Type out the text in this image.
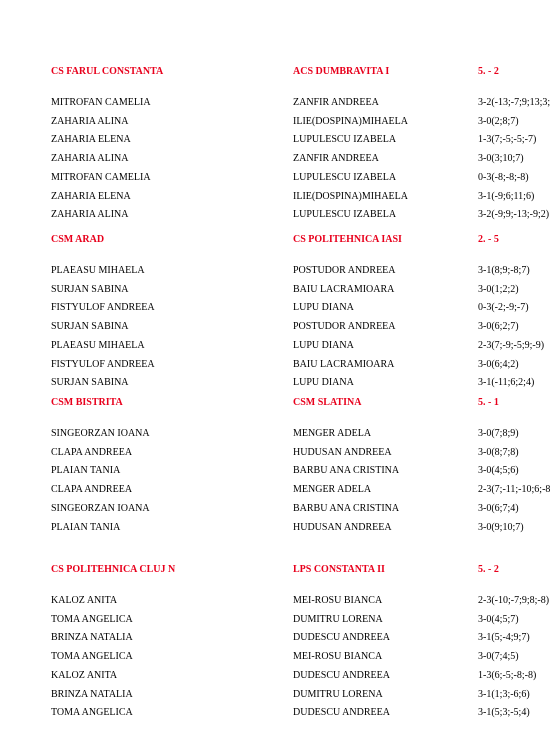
CS FARUL CONSTANTA	ACS DUMBRAVITA I	5. - 2
MITROFAN CAMELIA	ZANFIR ANDREEA	3-2(-13;-7;9;13;3;
ZAHARIA ALINA	ILIE(DOSPINA)MIHAELA	3-0(2;8;7)
ZAHARIA ELENA	LUPULESCU IZABELA	1-3(7;-5;-5;-7)
ZAHARIA ALINA	ZANFIR ANDREEA	3-0(3;10;7)
MITROFAN CAMELIA	LUPULESCU IZABELA	0-3(-8;-8;-8)
ZAHARIA ELENA	ILIE(DOSPINA)MIHAELA	3-1(-9;6;11;6)
ZAHARIA ALINA	LUPULESCU IZABELA	3-2(-9;9;-13;-9;2)
CSM ARAD	CS POLITEHNICA IASI	2. - 5
PLAEASU MIHAELA	POSTUDOR ANDREEA	3-1(8;9;-8;7)
SURJAN SABINA	BAIU LACRAMIOARA	3-0(1;2;2)
FISTYULOF ANDREEA	LUPU DIANA	0-3(-2;-9;-7)
SURJAN SABINA	POSTUDOR ANDREEA	3-0(6;2;7)
PLAEASU MIHAELA	LUPU DIANA	2-3(7;-9;-5;9;-9)
FISTYULOF ANDREEA	BAIU LACRAMIOARA	3-0(6;4;2)
SURJAN SABINA	LUPU DIANA	3-1(-11;6;2;4)
CSM BISTRITA	CSM SLATINA	5. - 1
SINGEORZAN IOANA	MENGER ADELA	3-0(7;8;9)
CLAPA ANDREEA	HUDUSAN ANDREEA	3-0(8;7;8)
PLAIAN TANIA	BARBU ANA CRISTINA	3-0(4;5;6)
CLAPA ANDREEA	MENGER ADELA	2-3(7;-11;-10;6;-8
SINGEORZAN IOANA	BARBU ANA CRISTINA	3-0(6;7;4)
PLAIAN TANIA	HUDUSAN ANDREEA	3-0(9;10;7)
CS POLITEHNICA CLUJ N	LPS CONSTANTA II	5. - 2
KALOZ ANITA	MEI-ROSU BIANCA	2-3(-10;-7;9;8;-8)
TOMA ANGELICA	DUMITRU LORENA	3-0(4;5;7)
BRINZA NATALIA	DUDESCU ANDREEA	3-1(5;-4;9;7)
TOMA ANGELICA	MEI-ROSU BIANCA	3-0(7;4;5)
KALOZ ANITA	DUDESCU ANDREEA	1-3(6;-5;-8;-8)
BRINZA NATALIA	DUMITRU LORENA	3-1(1;3;-6;6)
TOMA ANGELICA	DUDESCU ANDREEA	3-1(5;3;-5;4)
